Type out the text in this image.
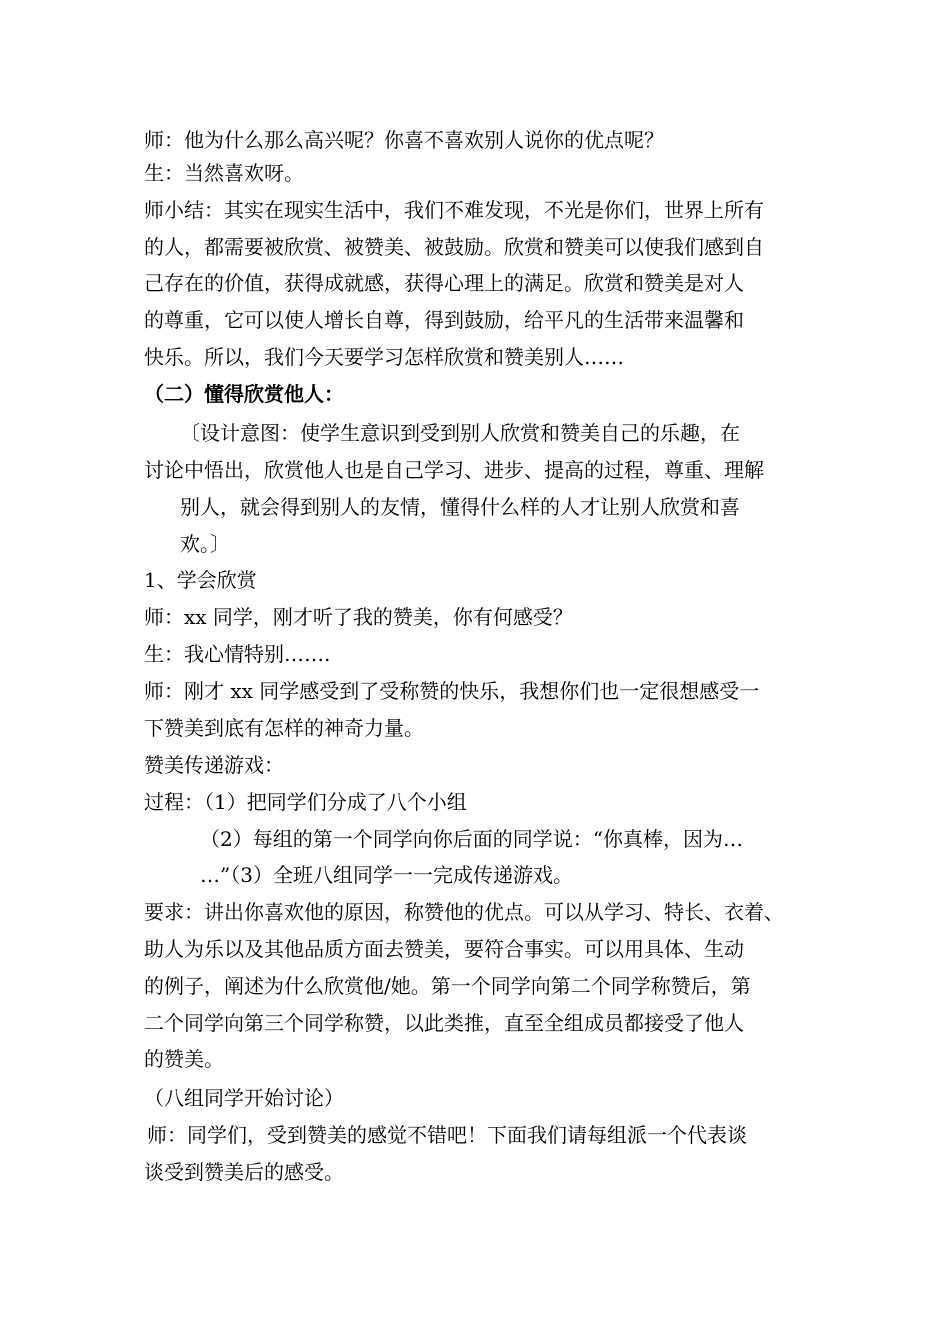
师：他为什么那么高兴呢？你喜不喜欢别人说你的优点呢？
生：当然喜欢呀。
师小结：其实在现实生活中，我们不难发现，不光是你们，世界上所有
的人，都需要被欣赏、被赞美、被鼓励。欣赏和赞美可以使我们感到自
己存在的价值，获得成就感，获得心理上的满足。欣赏和赞美是对人
的尊重，它可以使人增长自尊，得到鼓励，给平凡的生活带来温馨和
快乐。所以，我们今天要学习怎样欣赏和赞美别人……
（二）懂得欣赏他人：
〔设计意图：使学生意识到受到别人欣赏和赞美自己的乐趣，在
讨论中悟出，欣赏他人也是自己学习、进步、提高的过程，尊重、理解
别人，就会得到别人的友情，懂得什么样的人才让别人欣赏和喜
欢。〕
1、学会欣赏
师：xx 同学，刚才听了我的赞美，你有何感受？
生：我心情特别…….
师：刚才 xx 同学感受到了受称赞的快乐，我想你们也一定很想感受一
下赞美到底有怎样的神奇力量。
赞美传递游戏：
过程：（1）把同学们分成了八个小组
（2）每组的第一个同学向你后面的同学说：“你真棒，因为…
…”（3）全班八组同学一一完成传递游戏。
要求：讲出你喜欢他的原因，称赞他的优点。可以从学习、特长、衣着、
助人为乐以及其他品质方面去赞美，要符合事实。可以用具体、生动
的例子，阐述为什么欣赏他/她。第一个同学向第二个同学称赞后，第
二个同学向第三个同学称赞，以此类推，直至全组成员都接受了他人
的赞美。
（八组同学开始讨论）
师：同学们，受到赞美的感觉不错吧！下面我们请每组派一个代表谈
谈受到赞美后的感受。
